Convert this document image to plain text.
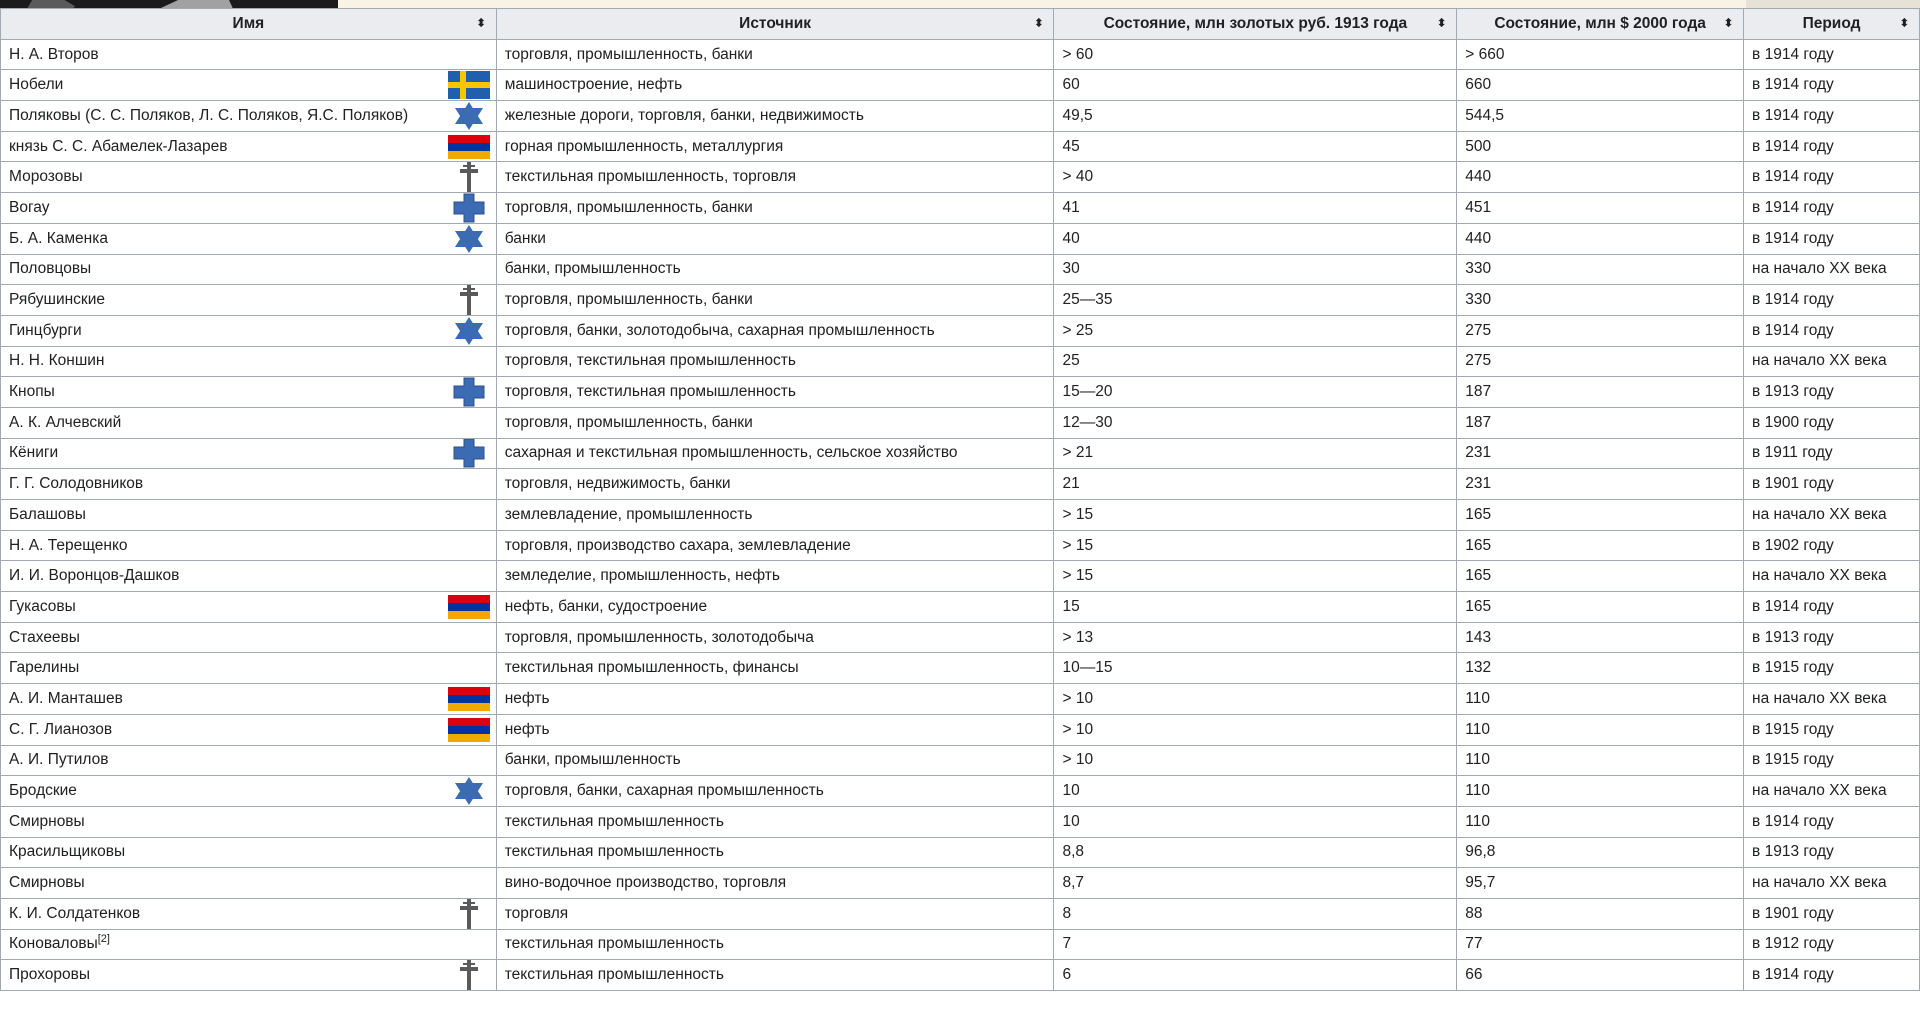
Имя ⬍	Источник ⬍	Состояние, млн золотых руб. 1913 года ⬍	Состояние, млн $ 2000 года ⬍	Период ⬍

Н. А. Второв	торговля, промышленность, банки	> 60	> 660	в 1914 году
Нобели	машиностроение, нефть	60	660	в 1914 году
Поляковы (С. С. Поляков, Л. С. Поляков, Я.С. Поляков)	железные дороги, торговля, банки, недвижимость	49,5	544,5	в 1914 году
князь С. С. Абамелек-Лазарев	горная промышленность, металлургия	45	500	в 1914 году
Морозовы	текстильная промышленность, торговля	> 40	440	в 1914 году
Вогау	торговля, промышленность, банки	41	451	в 1914 году
Б. А. Каменка	банки	40	440	в 1914 году
Половцовы	банки, промышленность	30	330	на начало XX века
Рябушинские	торговля, промышленность, банки	25—35	330	в 1914 году
Гинцбурги	торговля, банки, золотодобыча, сахарная промышленность	> 25	275	в 1914 году
Н. Н. Коншин	торговля, текстильная промышленность	25	275	на начало XX века
Кнопы	торговля, текстильная промышленность	15—20	187	в 1913 году
А. К. Алчевский	торговля, промышленность, банки	12—30	187	в 1900 году
Кёниги	сахарная и текстильная промышленность, сельское хозяйство	> 21	231	в 1911 году
Г. Г. Солодовников	торговля, недвижимость, банки	21	231	в 1901 году
Балашовы	землевладение, промышленность	> 15	165	на начало XX века
Н. А. Терещенко	торговля, производство сахара, землевладение	> 15	165	в 1902 году
И. И. Воронцов-Дашков	земледелие, промышленность, нефть	> 15	165	на начало XX века
Гукасовы	нефть, банки, судостроение	15	165	в 1914 году
Стахеевы	торговля, промышленность, золотодобыча	> 13	143	в 1913 году
Гарелины	текстильная промышленность, финансы	10—15	132	в 1915 году
А. И. Манташев	нефть	> 10	110	на начало XX века
С. Г. Лианозов	нефть	> 10	110	в 1915 году
А. И. Путилов	банки, промышленность	> 10	110	в 1915 году
Бродские	торговля, банки, сахарная промышленность	10	110	на начало XX века
Смирновы	текстильная промышленность	10	110	в 1914 году
Красильщиковы	текстильная промышленность	8,8	96,8	в 1913 году
Смирновы	вино-водочное производство, торговля	8,7	95,7	на начало XX века
К. И. Солдатенков	торговля	8	88	в 1901 году
Коноваловы[2]	текстильная промышленность	7	77	в 1912 году
Прохоровы	текстильная промышленность	6	66	в 1914 году
